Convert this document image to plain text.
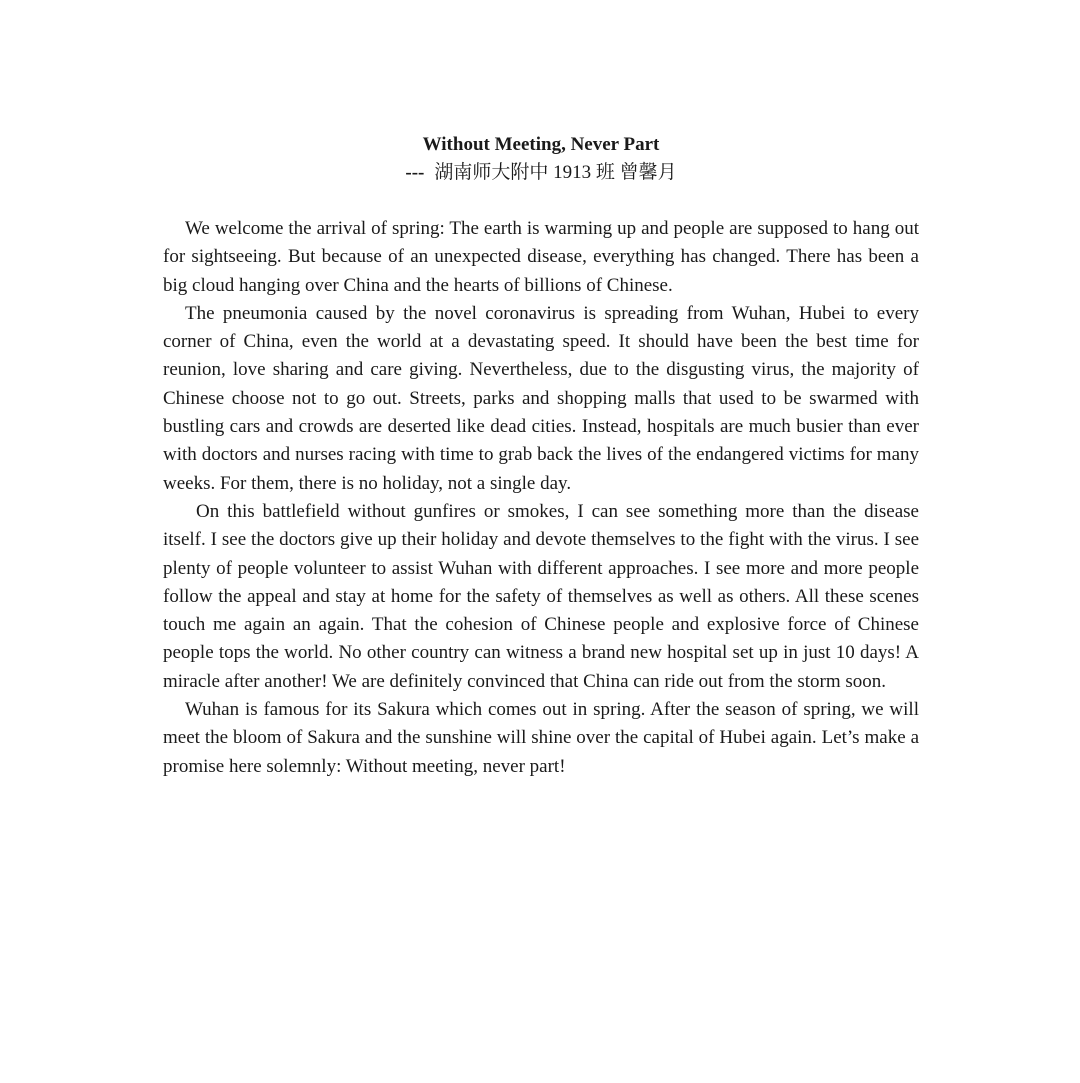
Without Meeting, Never Part
--- 湖南师大附中 1913 班 曾馨月

We welcome the arrival of spring: The earth is warming up and people are supposed to hang out for sightseeing. But because of an unexpected disease, everything has changed. There has been a big cloud hanging over China and the hearts of billions of Chinese.

The pneumonia caused by the novel coronavirus is spreading from Wuhan, Hubei to every corner of China, even the world at a devastating speed. It should have been the best time for reunion, love sharing and care giving. Nevertheless, due to the disgusting virus, the majority of Chinese choose not to go out. Streets, parks and shopping malls that used to be swarmed with bustling cars and crowds are deserted like dead cities. Instead, hospitals are much busier than ever with doctors and nurses racing with time to grab back the lives of the endangered victims for many weeks. For them, there is no holiday, not a single day.

On this battlefield without gunfires or smokes, I can see something more than the disease itself. I see the doctors give up their holiday and devote themselves to the fight with the virus. I see plenty of people volunteer to assist Wuhan with different approaches. I see more and more people follow the appeal and stay at home for the safety of themselves as well as others. All these scenes touch me again an again. That the cohesion of Chinese people and explosive force of Chinese people tops the world. No other country can witness a brand new hospital set up in just 10 days! A miracle after another! We are definitely convinced that China can ride out from the storm soon.

Wuhan is famous for its Sakura which comes out in spring. After the season of spring, we will meet the bloom of Sakura and the sunshine will shine over the capital of Hubei again. Let’s make a promise here solemnly: Without meeting, never part!
